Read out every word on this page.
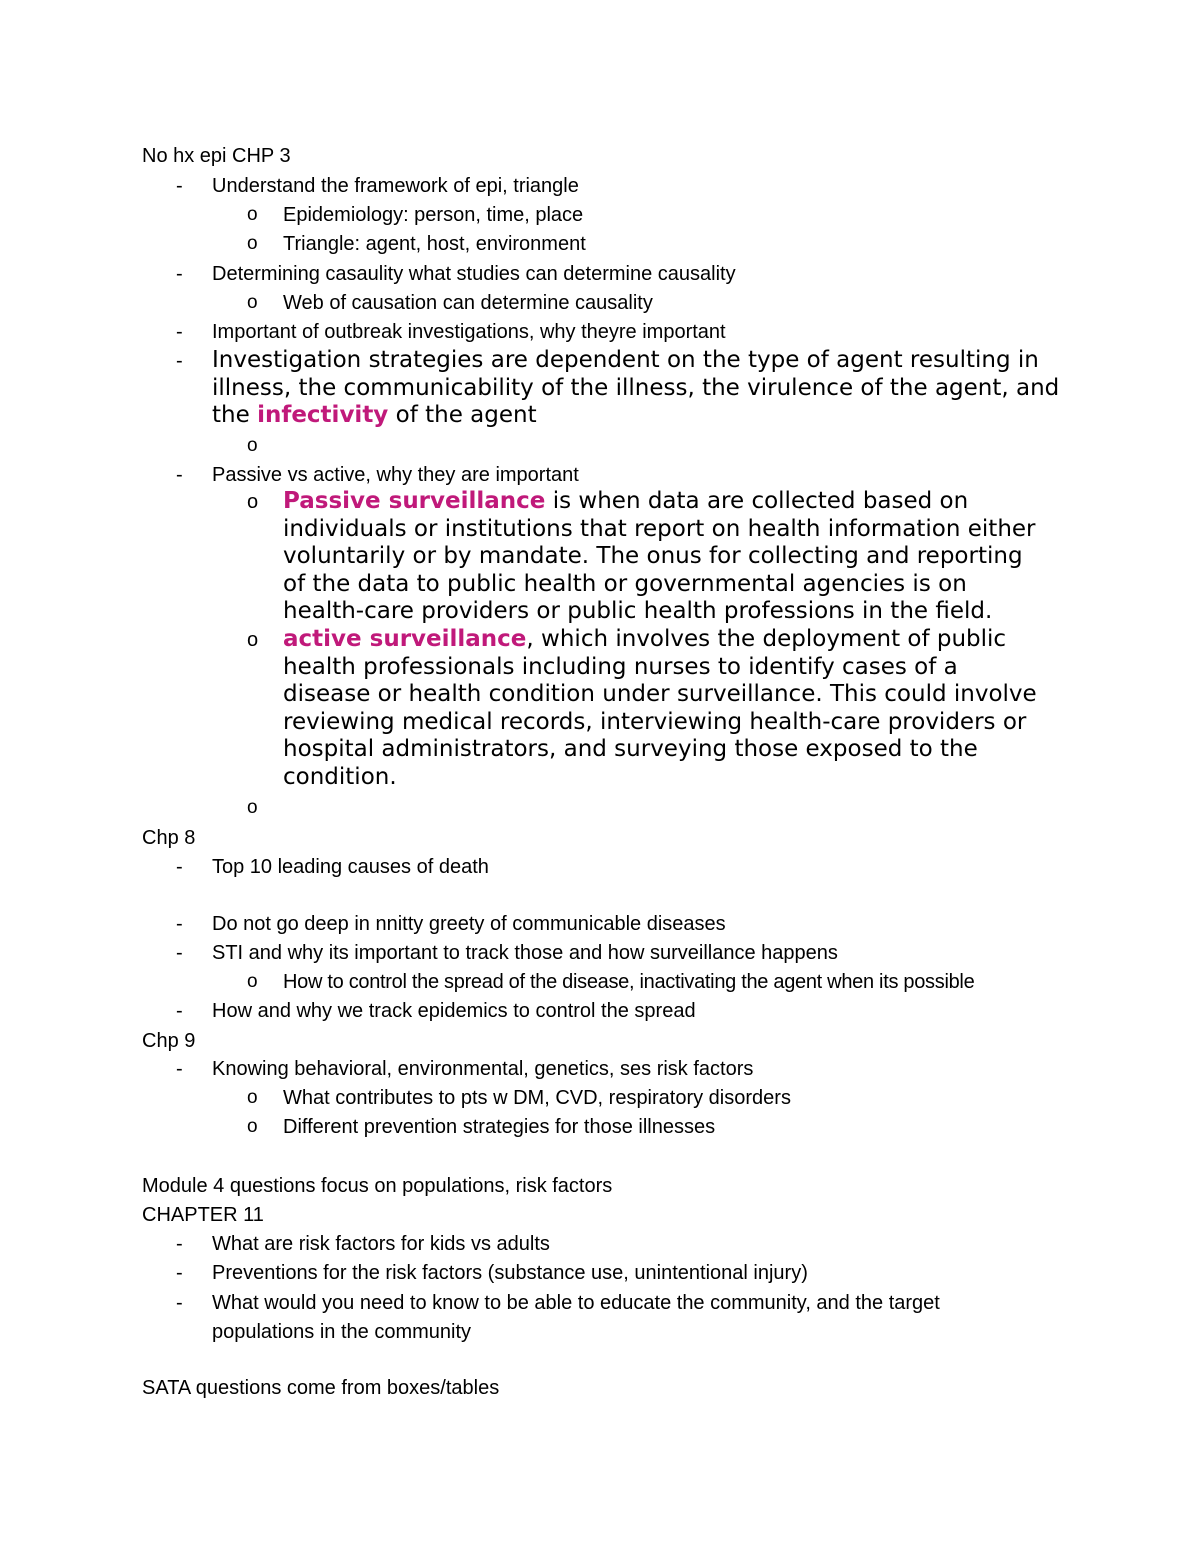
No hx epi CHP 3
- Understand the framework of epi, triangle
o Epidemiology: person, time, place
o Triangle: agent, host, environment
- Determining casaulity what studies can determine causality
o Web of causation can determine causality
- Important of outbreak investigations, why theyre important
- Investigation strategies are dependent on the type of agent resulting in illness, the communicability of the illness, the virulence of the agent, and the infectivity of the agent
o
- Passive vs active, why they are important
o Passive surveillance is when data are collected based on individuals or institutions that report on health information either voluntarily or by mandate. The onus for collecting and reporting of the data to public health or governmental agencies is on health-care providers or public health professions in the field.
o active surveillance, which involves the deployment of public health professionals including nurses to identify cases of a disease or health condition under surveillance. This could involve reviewing medical records, interviewing health-care providers or hospital administrators, and surveying those exposed to the condition.
o
Chp 8
- Top 10 leading causes of death
- Do not go deep in nnitty greety of communicable diseases
- STI and why its important to track those and how surveillance happens
o How to control the spread of the disease, inactivating the agent when its possible
- How and why we track epidemics to control the spread
Chp 9
- Knowing behavioral, environmental, genetics, ses risk factors
o What contributes to pts w DM, CVD, respiratory disorders
o Different prevention strategies for those illnesses
Module 4 questions focus on populations, risk factors
CHAPTER 11
- What are risk factors for kids vs adults
- Preventions for the risk factors (substance use, unintentional injury)
- What would you need to know to be able to educate the community, and the target populations in the community
SATA questions come from boxes/tables
